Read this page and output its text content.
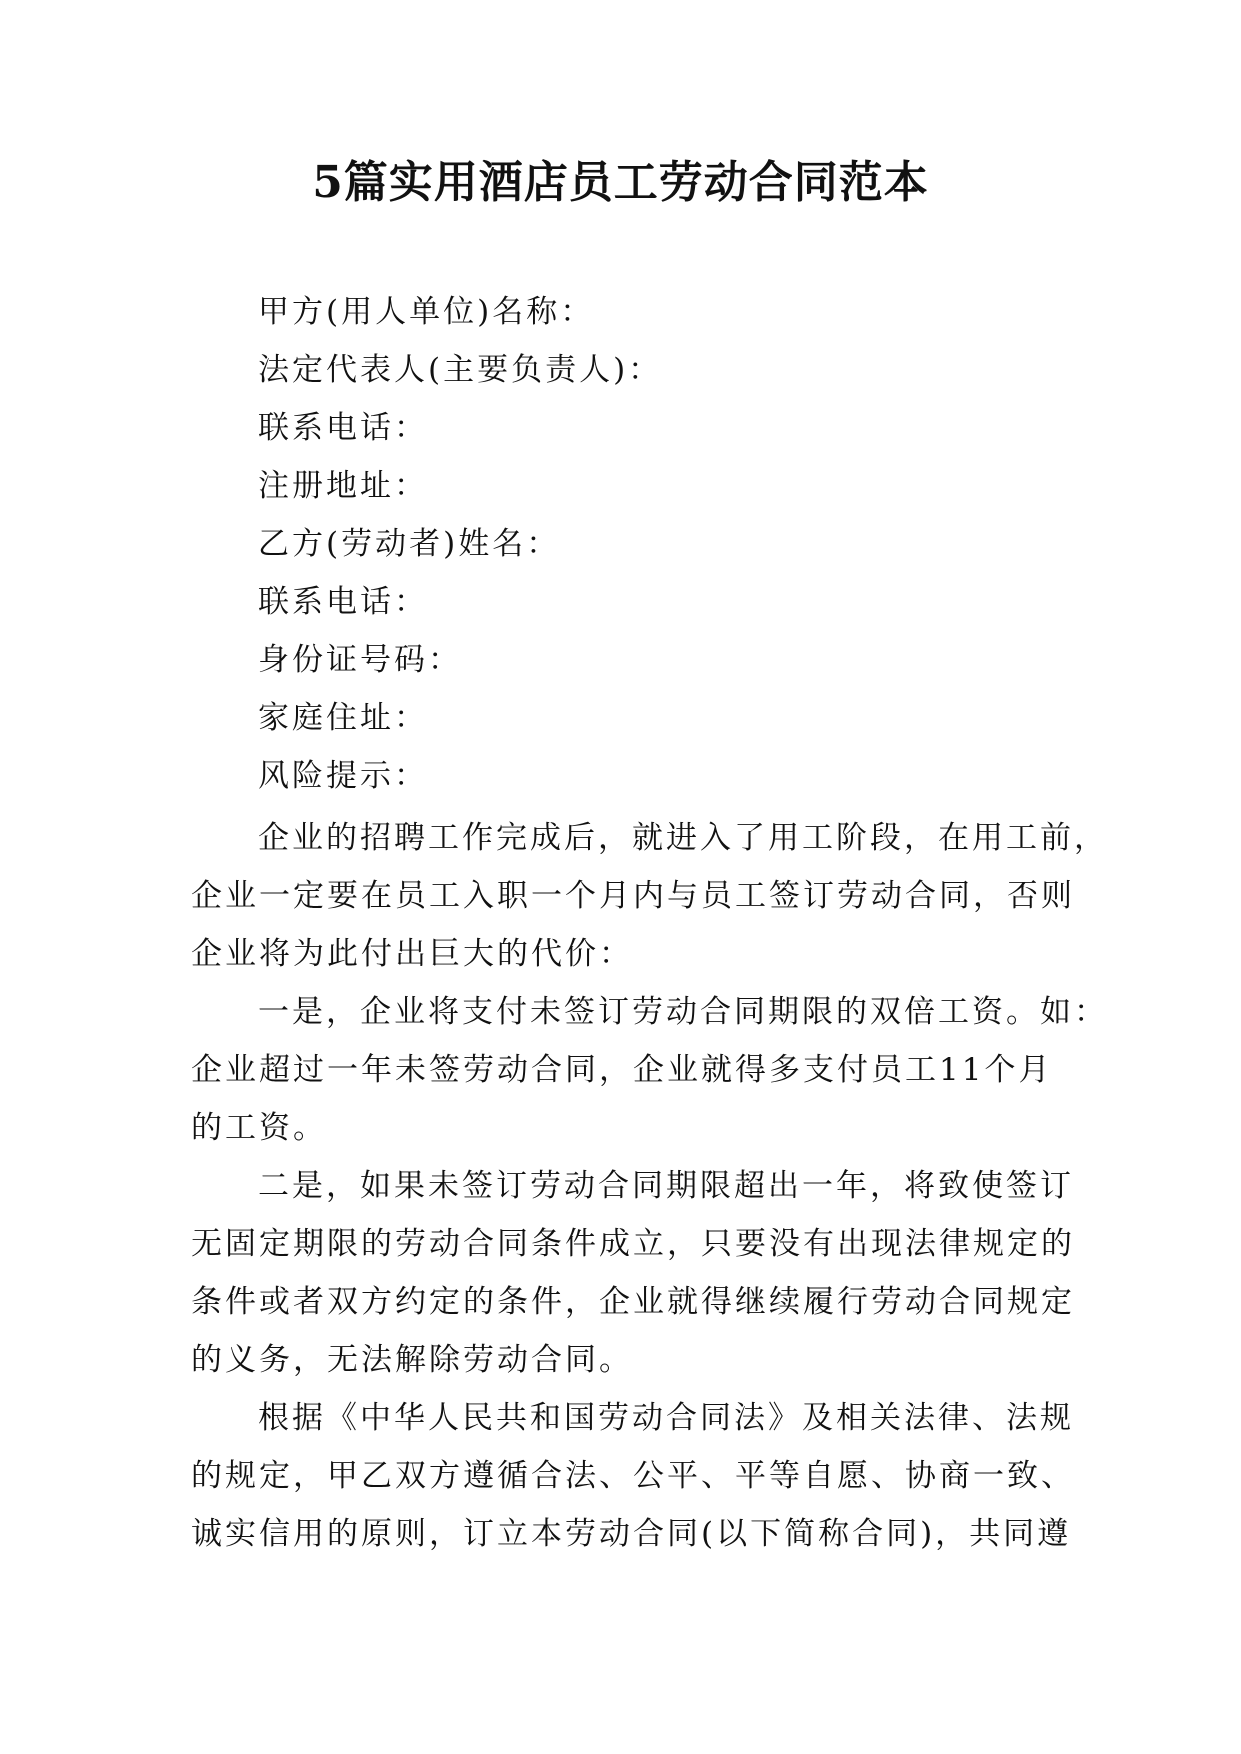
5篇实用酒店员工劳动合同范本
甲方(用人单位)名称：
法定代表人(主要负责人)：
联系电话：
注册地址：
乙方(劳动者)姓名：
联系电话：
身份证号码：
家庭住址：
风险提示：
企业的招聘工作完成后，就进入了用工阶段，在用工前，
企业一定要在员工入职一个月内与员工签订劳动合同，否则
企业将为此付出巨大的代价：
一是，企业将支付未签订劳动合同期限的双倍工资。如：
企业超过一年未签劳动合同，企业就得多支付员工11个月
的工资。
二是，如果未签订劳动合同期限超出一年，将致使签订
无固定期限的劳动合同条件成立，只要没有出现法律规定的
条件或者双方约定的条件，企业就得继续履行劳动合同规定
的义务，无法解除劳动合同。
根据《中华人民共和国劳动合同法》及相关法律、法规
的规定，甲乙双方遵循合法、公平、平等自愿、协商一致、
诚实信用的原则，订立本劳动合同(以下简称合同)，共同遵
